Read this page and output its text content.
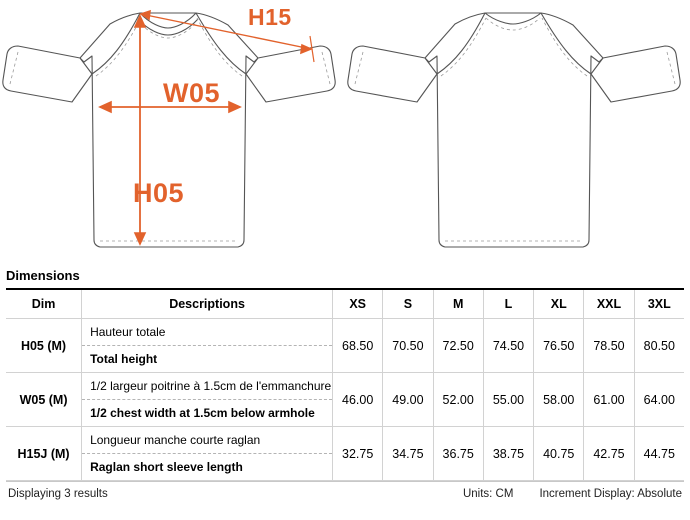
H15
W05
H05
Dimensions
Dim	Descriptions	XS	S	M	L	XL	XXL	3XL
H05 (M)	Hauteur totale
Total height	68.50	70.50	72.50	74.50	76.50	78.50	80.50
W05 (M)	1/2 largeur poitrine à 1.5cm de l'emmanchure
1/2 chest width at 1.5cm below armhole	46.00	49.00	52.00	55.00	58.00	61.00	64.00
H15J (M)	Longueur manche courte raglan
Raglan short sleeve length	32.75	34.75	36.75	38.75	40.75	42.75	44.75
Displaying 3 results	Units: CM Increment Display: Absolute
